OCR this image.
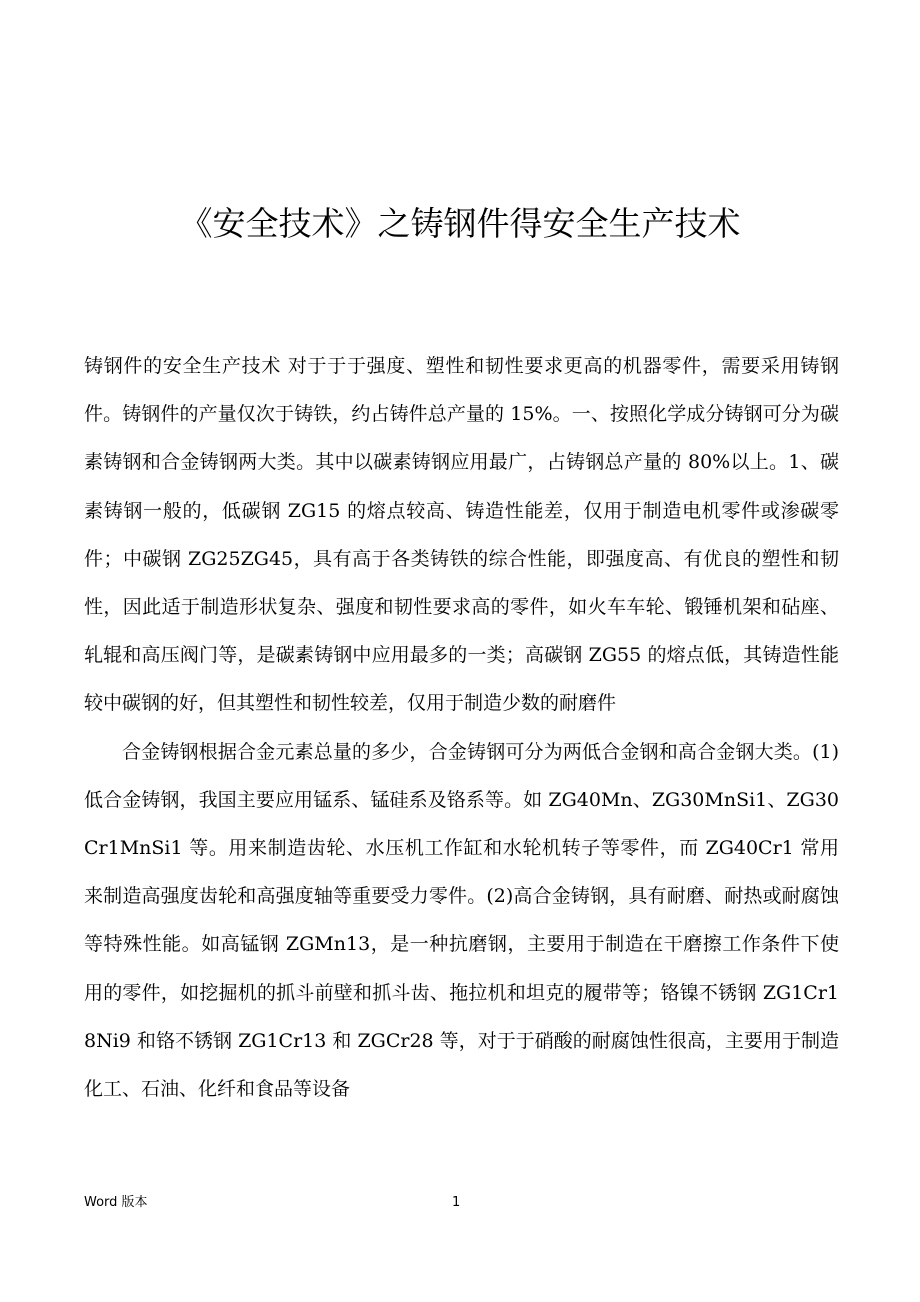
《安全技术》之铸钢件得安全生产技术

铸钢件的安全生产技术 对于于于强度、塑性和韧性要求更高的机器零件，需要采用铸钢件。铸钢件的产量仅次于铸铁，约占铸件总产量的 15%。一、按照化学成分铸钢可分为碳素铸钢和合金铸钢两大类。其中以碳素铸钢应用最广，占铸钢总产量的 80%以上。1、碳素铸钢一般的，低碳钢 ZG15 的熔点较高、铸造性能差，仅用于制造电机零件或渗碳零件；中碳钢 ZG25ZG45，具有高于各类铸铁的综合性能，即强度高、有优良的塑性和韧性，因此适于制造形状复杂、强度和韧性要求高的零件，如火车车轮、锻锤机架和砧座、轧辊和高压阀门等，是碳素铸钢中应用最多的一类；高碳钢 ZG55 的熔点低，其铸造性能较中碳钢的好，但其塑性和韧性较差，仅用于制造少数的耐磨件

合金铸钢根据合金元素总量的多少，合金铸钢可分为两低合金钢和高合金钢大类。(1)低合金铸钢，我国主要应用锰系、锰硅系及铬系等。如 ZG40Mn、ZG30MnSi1、ZG30Cr1MnSi1 等。用来制造齿轮、水压机工作缸和水轮机转子等零件，而 ZG40Cr1 常用来制造高强度齿轮和高强度轴等重要受力零件。(2)高合金铸钢，具有耐磨、耐热或耐腐蚀等特殊性能。如高锰钢 ZGMn13，是一种抗磨钢，主要用于制造在干磨擦工作条件下使用的零件，如挖掘机的抓斗前壁和抓斗齿、拖拉机和坦克的履带等；铬镍不锈钢 ZG1Cr18Ni9 和铬不锈钢 ZG1Cr13 和 ZGCr28 等，对于于硝酸的耐腐蚀性很高，主要用于制造化工、石油、化纤和食品等设备

Word 版本	1
